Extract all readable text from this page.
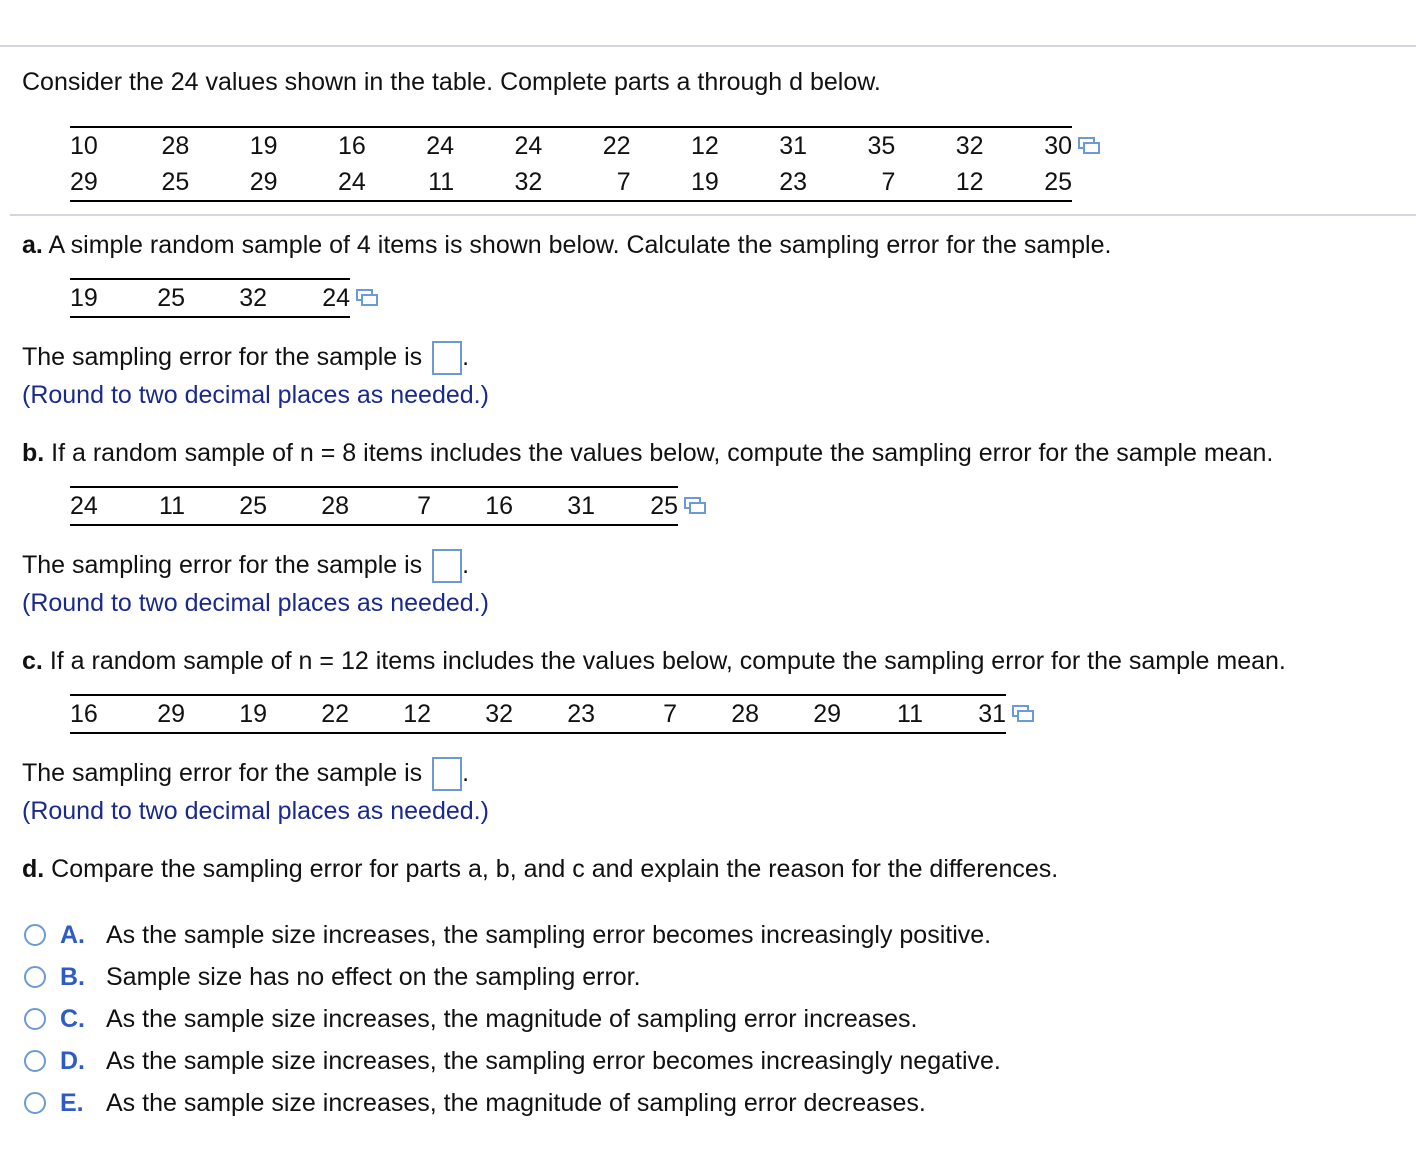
Consider the 24 values shown in the table. Complete parts a through d below.
10	28	19	16	24	24	22	12	31	35	32	30
29	25	29	24	11	32	7	19	23	7	12	25
a. A simple random sample of 4 items is shown below. Calculate the sampling error for the sample.
19	25	32	24
The sampling error for the sample is .
(Round to two decimal places as needed.)
b. If a random sample of n = 8 items includes the values below, compute the sampling error for the sample mean.
24	11	25	28	7	16	31	25
The sampling error for the sample is .
(Round to two decimal places as needed.)
c. If a random sample of n = 12 items includes the values below, compute the sampling error for the sample mean.
16	29	19	22	12	32	23	7	28	29	11	31
The sampling error for the sample is .
(Round to two decimal places as needed.)
d. Compare the sampling error for parts a, b, and c and explain the reason for the differences.
A. As the sample size increases, the sampling error becomes increasingly positive.
B. Sample size has no effect on the sampling error.
C. As the sample size increases, the magnitude of sampling error increases.
D. As the sample size increases, the sampling error becomes increasingly negative.
E. As the sample size increases, the magnitude of sampling error decreases.
